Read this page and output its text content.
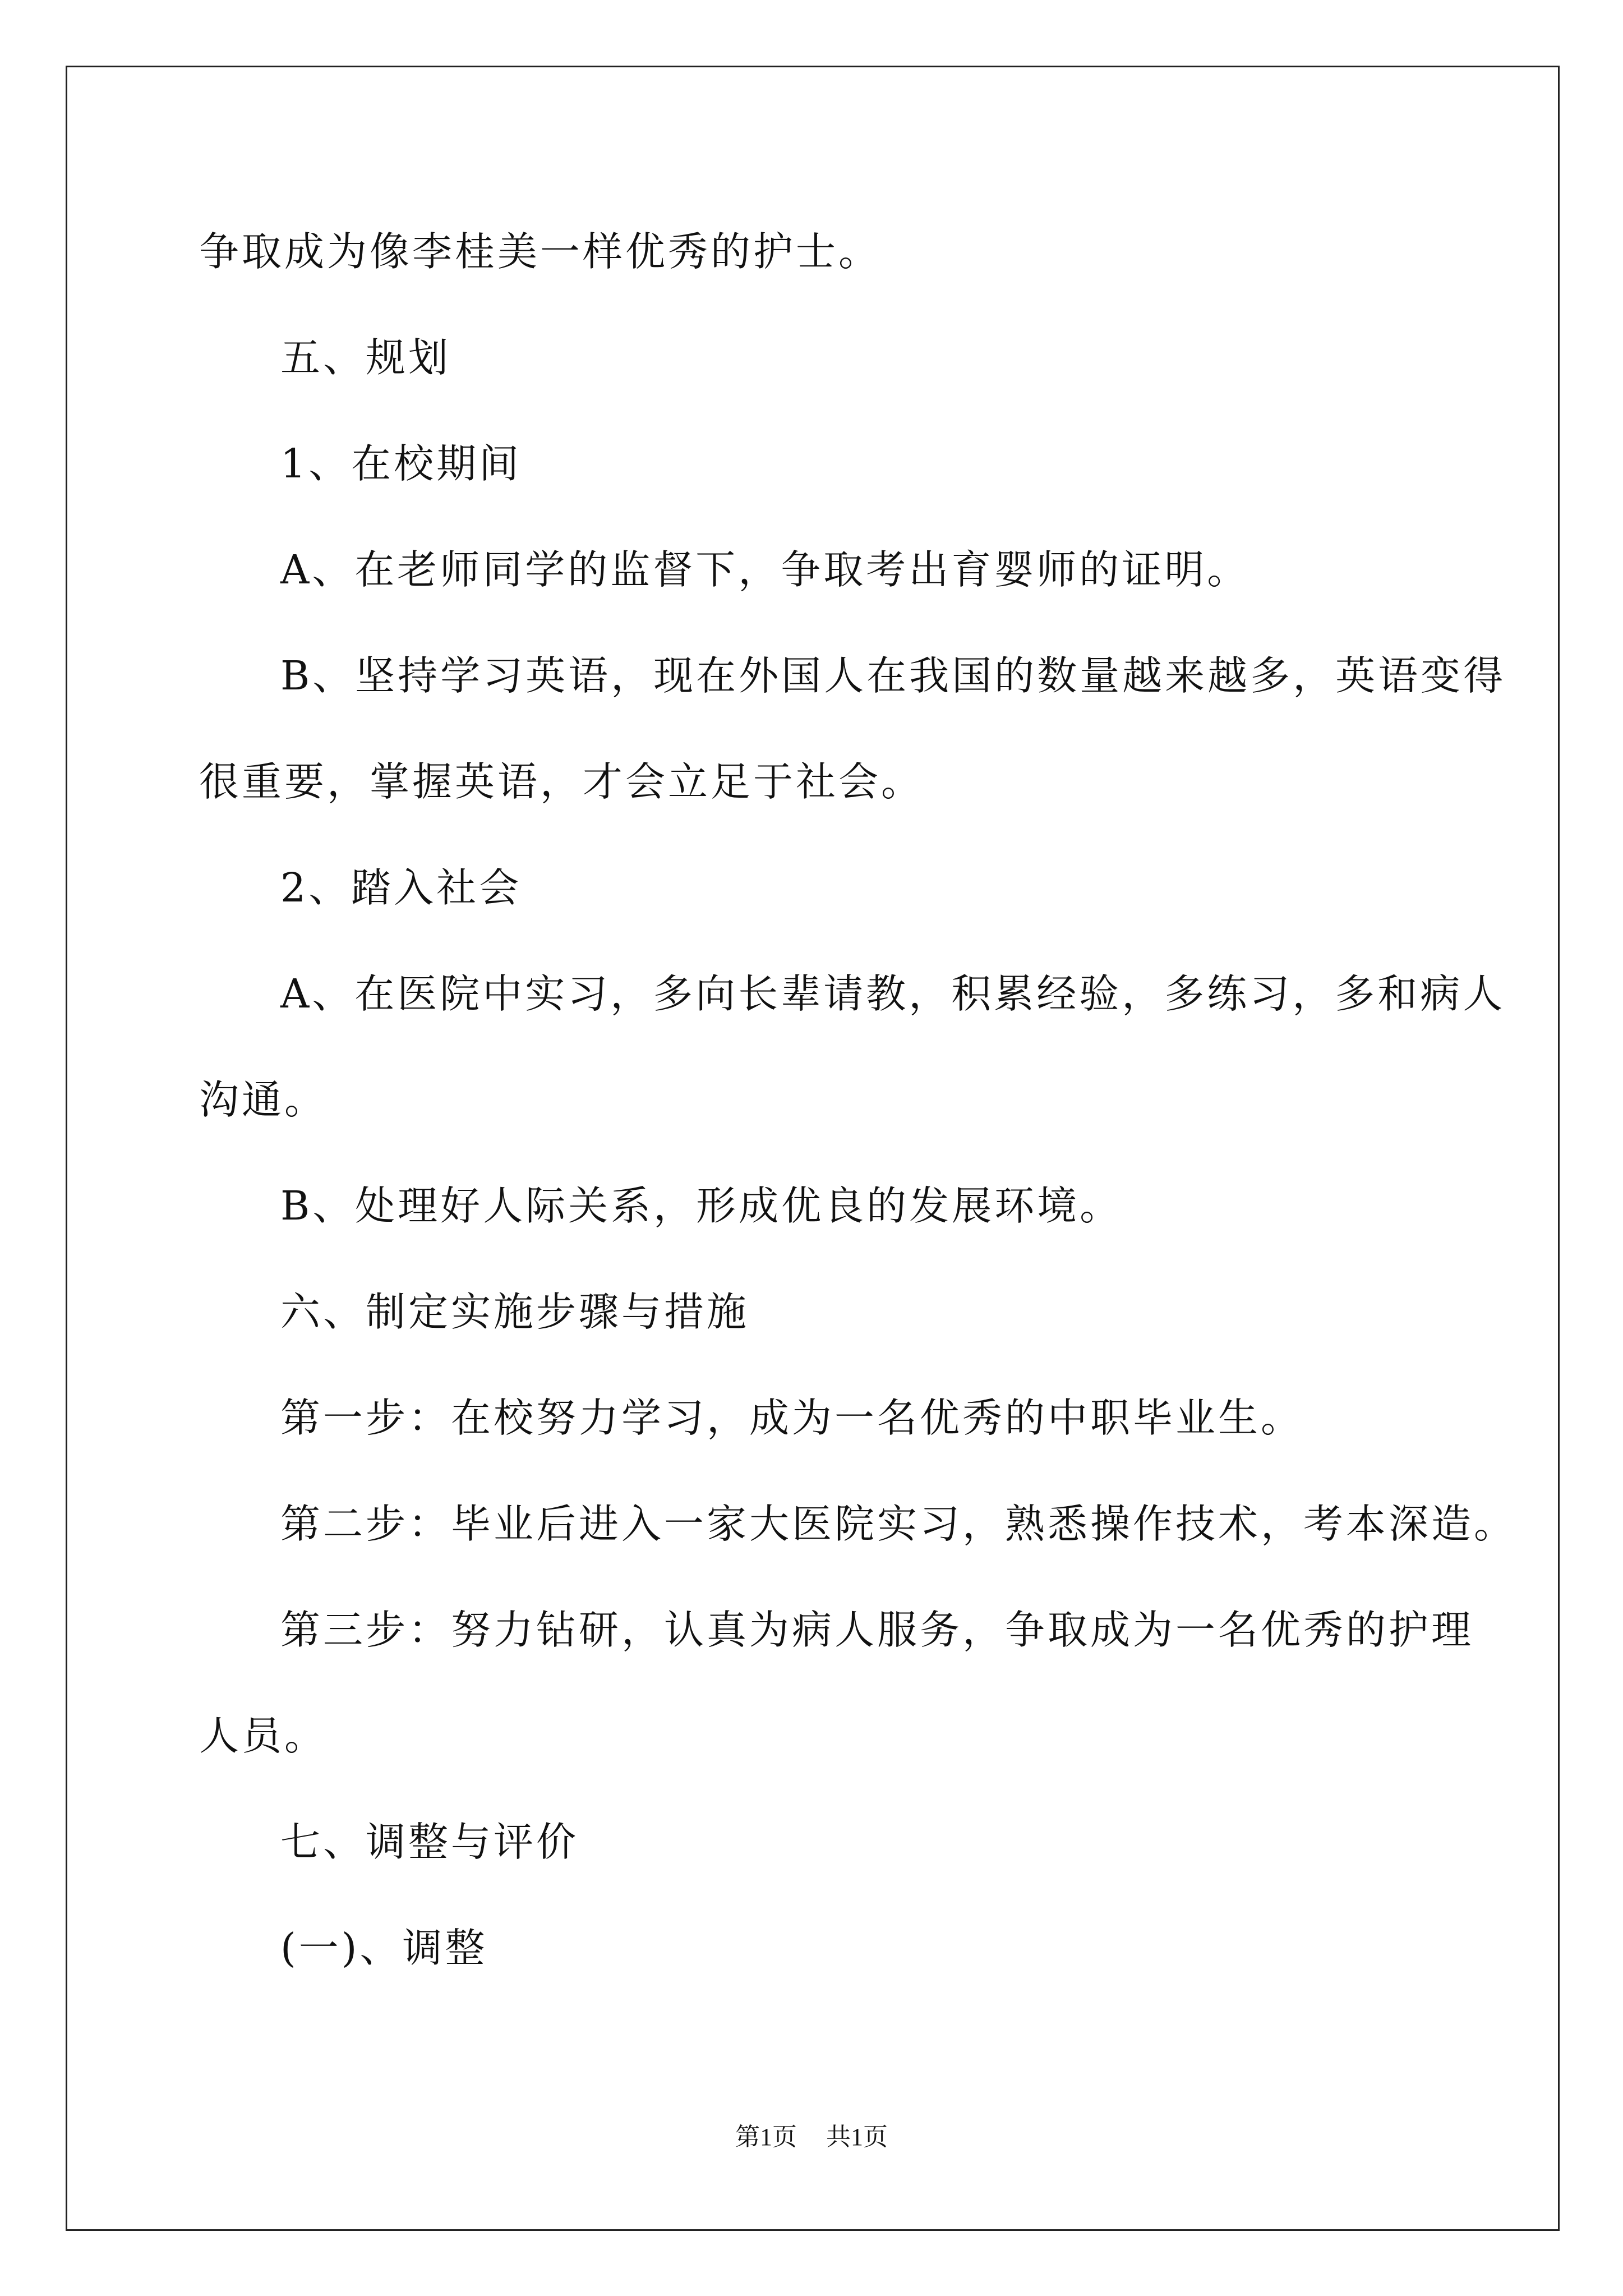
争取成为像李桂美一样优秀的护士。
五、规划
1、在校期间
A、在老师同学的监督下，争取考出育婴师的证明。
B、坚持学习英语，现在外国人在我国的数量越来越多，英语变得
很重要，掌握英语，才会立足于社会。
2、踏入社会
A、在医院中实习，多向长辈请教，积累经验，多练习，多和病人
沟通。
B、处理好人际关系，形成优良的发展环境。
六、制定实施步骤与措施
第一步：在校努力学习，成为一名优秀的中职毕业生。
第二步：毕业后进入一家大医院实习，熟悉操作技术，考本深造。
第三步：努力钻研，认真为病人服务，争取成为一名优秀的护理
人员。
七、调整与评价
(一)、调整
第1页 共1页
